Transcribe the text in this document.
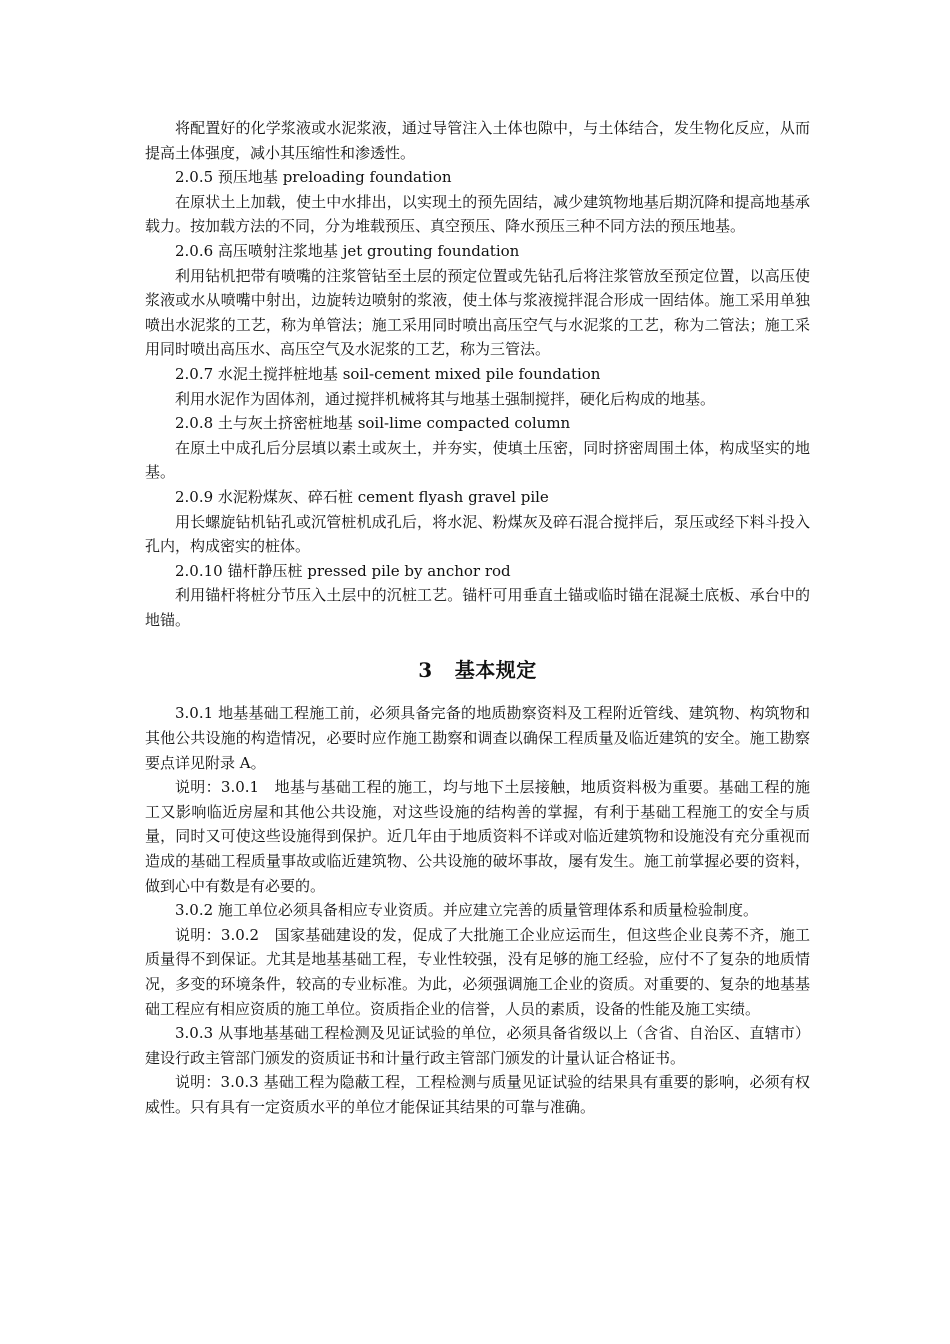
将配置好的化学浆液或水泥浆液，通过导管注入土体也隙中，与土体结合，发生物化反应，从而提高土体强度，减小其压缩性和渗透性。

2.0.5 预压地基 preloading foundation

在原状土上加载，使土中水排出，以实现土的预先固结，减少建筑物地基后期沉降和提高地基承载力。按加载方法的不同，分为堆载预压、真空预压、降水预压三种不同方法的预压地基。

2.0.6 高压喷射注浆地基 jet grouting foundation

利用钻机把带有喷嘴的注浆管钻至土层的预定位置或先钻孔后将注浆管放至预定位置，以高压使浆液或水从喷嘴中射出，边旋转边喷射的浆液，使土体与浆液搅拌混合形成一固结体。施工采用单独喷出水泥浆的工艺，称为单管法；施工采用同时喷出高压空气与水泥浆的工艺，称为二管法；施工采用同时喷出高压水、高压空气及水泥浆的工艺，称为三管法。

2.0.7 水泥土搅拌桩地基 soil-cement mixed pile foundation

利用水泥作为固体剂，通过搅拌机械将其与地基土强制搅拌，硬化后构成的地基。

2.0.8 土与灰土挤密桩地基 soil-lime compacted column

在原土中成孔后分层填以素土或灰土，并夯实，使填土压密，同时挤密周围土体，构成坚实的地基。

2.0.9 水泥粉煤灰、碎石桩 cement flyash gravel pile

用长螺旋钻机钻孔或沉管桩机成孔后，将水泥、粉煤灰及碎石混合搅拌后，泵压或经下料斗投入孔内，构成密实的桩体。

2.0.10 锚杆静压桩 pressed pile by anchor rod

利用锚杆将桩分节压入土层中的沉桩工艺。锚杆可用垂直土锚或临时锚在混凝土底板、承台中的地锚。

3 基本规定

3.0.1 地基基础工程施工前，必须具备完备的地质勘察资料及工程附近管线、建筑物、构筑物和其他公共设施的构造情况，必要时应作施工勘察和调查以确保工程质量及临近建筑的安全。施工勘察要点详见附录 A。

说明：3.0.1　地基与基础工程的施工，均与地下土层接触，地质资料极为重要。基础工程的施工又影响临近房屋和其他公共设施，对这些设施的结构善的掌握，有利于基础工程施工的安全与质量，同时又可使这些设施得到保护。近几年由于地质资料不详或对临近建筑物和设施没有充分重视而造成的基础工程质量事故或临近建筑物、公共设施的破坏事故，屡有发生。施工前掌握必要的资料，做到心中有数是有必要的。

3.0.2 施工单位必须具备相应专业资质。并应建立完善的质量管理体系和质量检验制度。

说明：3.0.2　国家基础建设的发，促成了大批施工企业应运而生，但这些企业良莠不齐，施工质量得不到保证。尤其是地基基础工程，专业性较强，没有足够的施工经验，应付不了复杂的地质情况，多变的环境条件，较高的专业标准。为此，必须强调施工企业的资质。对重要的、复杂的地基基础工程应有相应资质的施工单位。资质指企业的信誉，人员的素质，设备的性能及施工实绩。

3.0.3 从事地基基础工程检测及见证试验的单位，必须具备省级以上（含省、自治区、直辖市）建设行政主管部门颁发的资质证书和计量行政主管部门颁发的计量认证合格证书。

说明：3.0.3 基础工程为隐蔽工程，工程检测与质量见证试验的结果具有重要的影响，必须有权威性。只有具有一定资质水平的单位才能保证其结果的可靠与准确。
